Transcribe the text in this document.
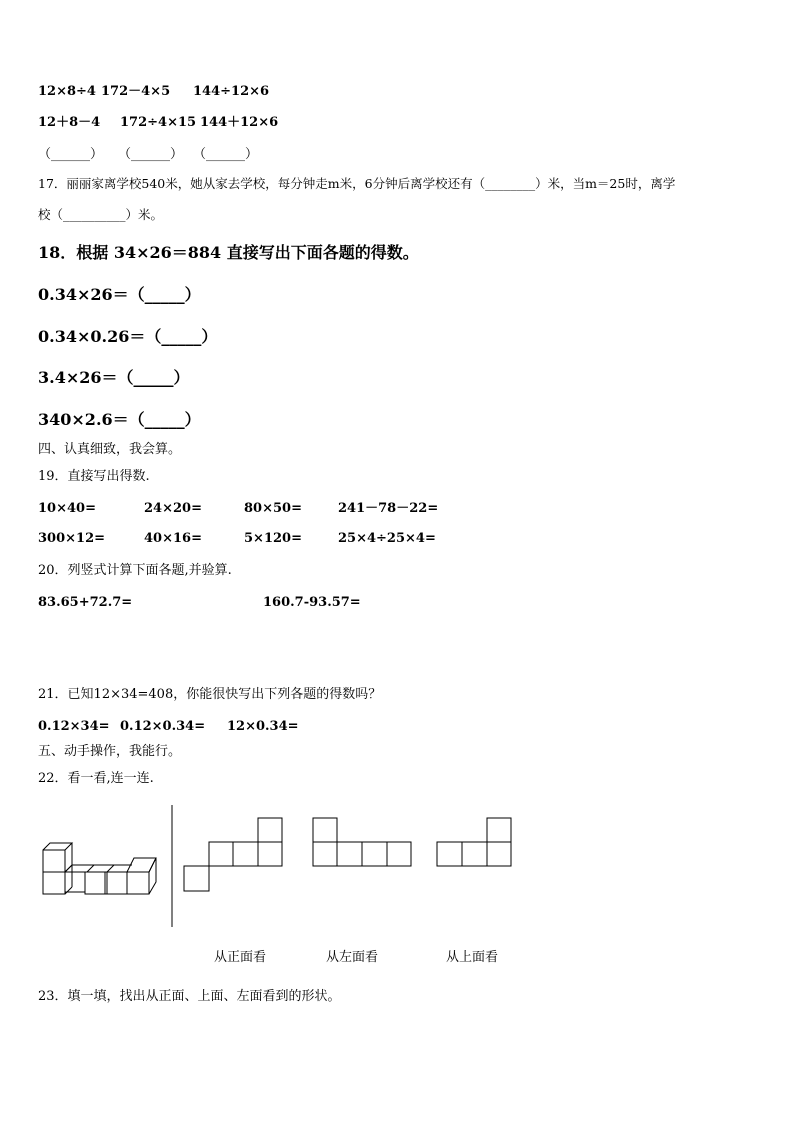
12×8÷4 172－4×5 144÷12×6
12＋8－4 172÷4×15 144＋12×6
（______） （______） （______）
17．丽丽家离学校540米，她从家去学校，每分钟走m米，6分钟后离学校还有（________）米，当m＝25时，离学
校（__________）米。
18．根据 34×26＝884 直接写出下面各题的得数。
0.34×26＝（_____）
0.34×0.26＝（_____）
3.4×26＝（_____）
340×2.6＝（_____）
四、认真细致，我会算。
19．直接写出得数.
10×40=	24×20=	80×50=	241－78－22=
300×12=	40×16=	5×120=	25×4÷25×4=
20．列竖式计算下面各题,并验算.
83.65+72.7=	160.7-93.57=
21．已知12×34=408，你能很快写出下列各题的得数吗？
0.12×34= 0.12×0.34= 12×0.34=
五、动手操作，我能行。
22．看一看,连一连.
从正面看	从左面看	从上面看
23．填一填，找出从正面、上面、左面看到的形状。
